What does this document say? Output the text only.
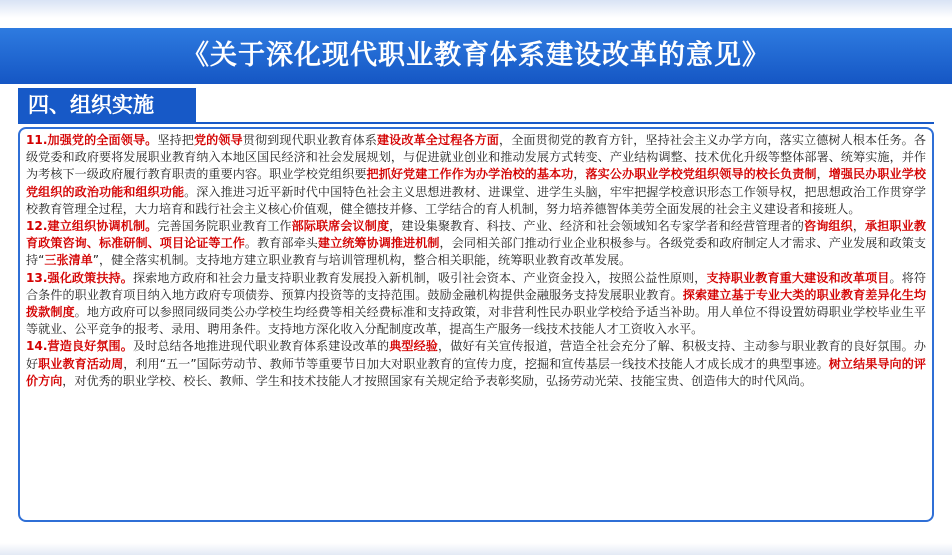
《关于深化现代职业教育体系建设改革的意见》
四、组织实施

11.加强党的全面领导。坚持把党的领导贯彻到现代职业教育体系建设改革全过程各方面，全面贯彻党的教育方针，坚持社会主义办学方向，落实立德树人根本任务。各级党委和政府要将发展职业教育纳入本地区国民经济和社会发展规划，与促进就业创业和推动发展方式转变、产业结构调整、技术优化升级等整体部署、统筹实施，并作为考核下一级政府履行教育职责的重要内容。职业学校党组织要把抓好党建工作作为办学治校的基本功，落实公办职业学校党组织领导的校长负责制，增强民办职业学校党组织的政治功能和组织功能。深入推进习近平新时代中国特色社会主义思想进教材、进课堂、进学生头脑，牢牢把握学校意识形态工作领导权，把思想政治工作贯穿学校教育管理全过程，大力培育和践行社会主义核心价值观，健全德技并修、工学结合的育人机制，努力培养德智体美劳全面发展的社会主义建设者和接班人。

12.建立组织协调机制。完善国务院职业教育工作部际联席会议制度，建设集聚教育、科技、产业、经济和社会领域知名专家学者和经营管理者的咨询组织，承担职业教育政策咨询、标准研制、项目论证等工作。教育部牵头建立统筹协调推进机制，会同相关部门推动行业企业积极参与。各级党委和政府制定人才需求、产业发展和政策支持“三张清单”，健全落实机制。支持地方建立职业教育与培训管理机构，整合相关职能，统筹职业教育改革发展。

13.强化政策扶持。探索地方政府和社会力量支持职业教育发展投入新机制，吸引社会资本、产业资金投入，按照公益性原则，支持职业教育重大建设和改革项目。将符合条件的职业教育项目纳入地方政府专项债券、预算内投资等的支持范围。鼓励金融机构提供金融服务支持发展职业教育。探索建立基于专业大类的职业教育差异化生均拨款制度。地方政府可以参照同级同类公办学校生均经费等相关经费标准和支持政策，对非营利性民办职业学校给予适当补助。用人单位不得设置妨碍职业学校毕业生平等就业、公平竞争的报考、录用、聘用条件。支持地方深化收入分配制度改革，提高生产服务一线技术技能人才工资收入水平。

14.营造良好氛围。及时总结各地推进现代职业教育体系建设改革的典型经验，做好有关宣传报道，营造全社会充分了解、积极支持、主动参与职业教育的良好氛围。办好职业教育活动周，利用“五一”国际劳动节、教师节等重要节日加大对职业教育的宣传力度，挖掘和宣传基层一线技术技能人才成长成才的典型事迹。树立结果导向的评价方向，对优秀的职业学校、校长、教师、学生和技术技能人才按照国家有关规定给予表彰奖励，弘扬劳动光荣、技能宝贵、创造伟大的时代风尚。
